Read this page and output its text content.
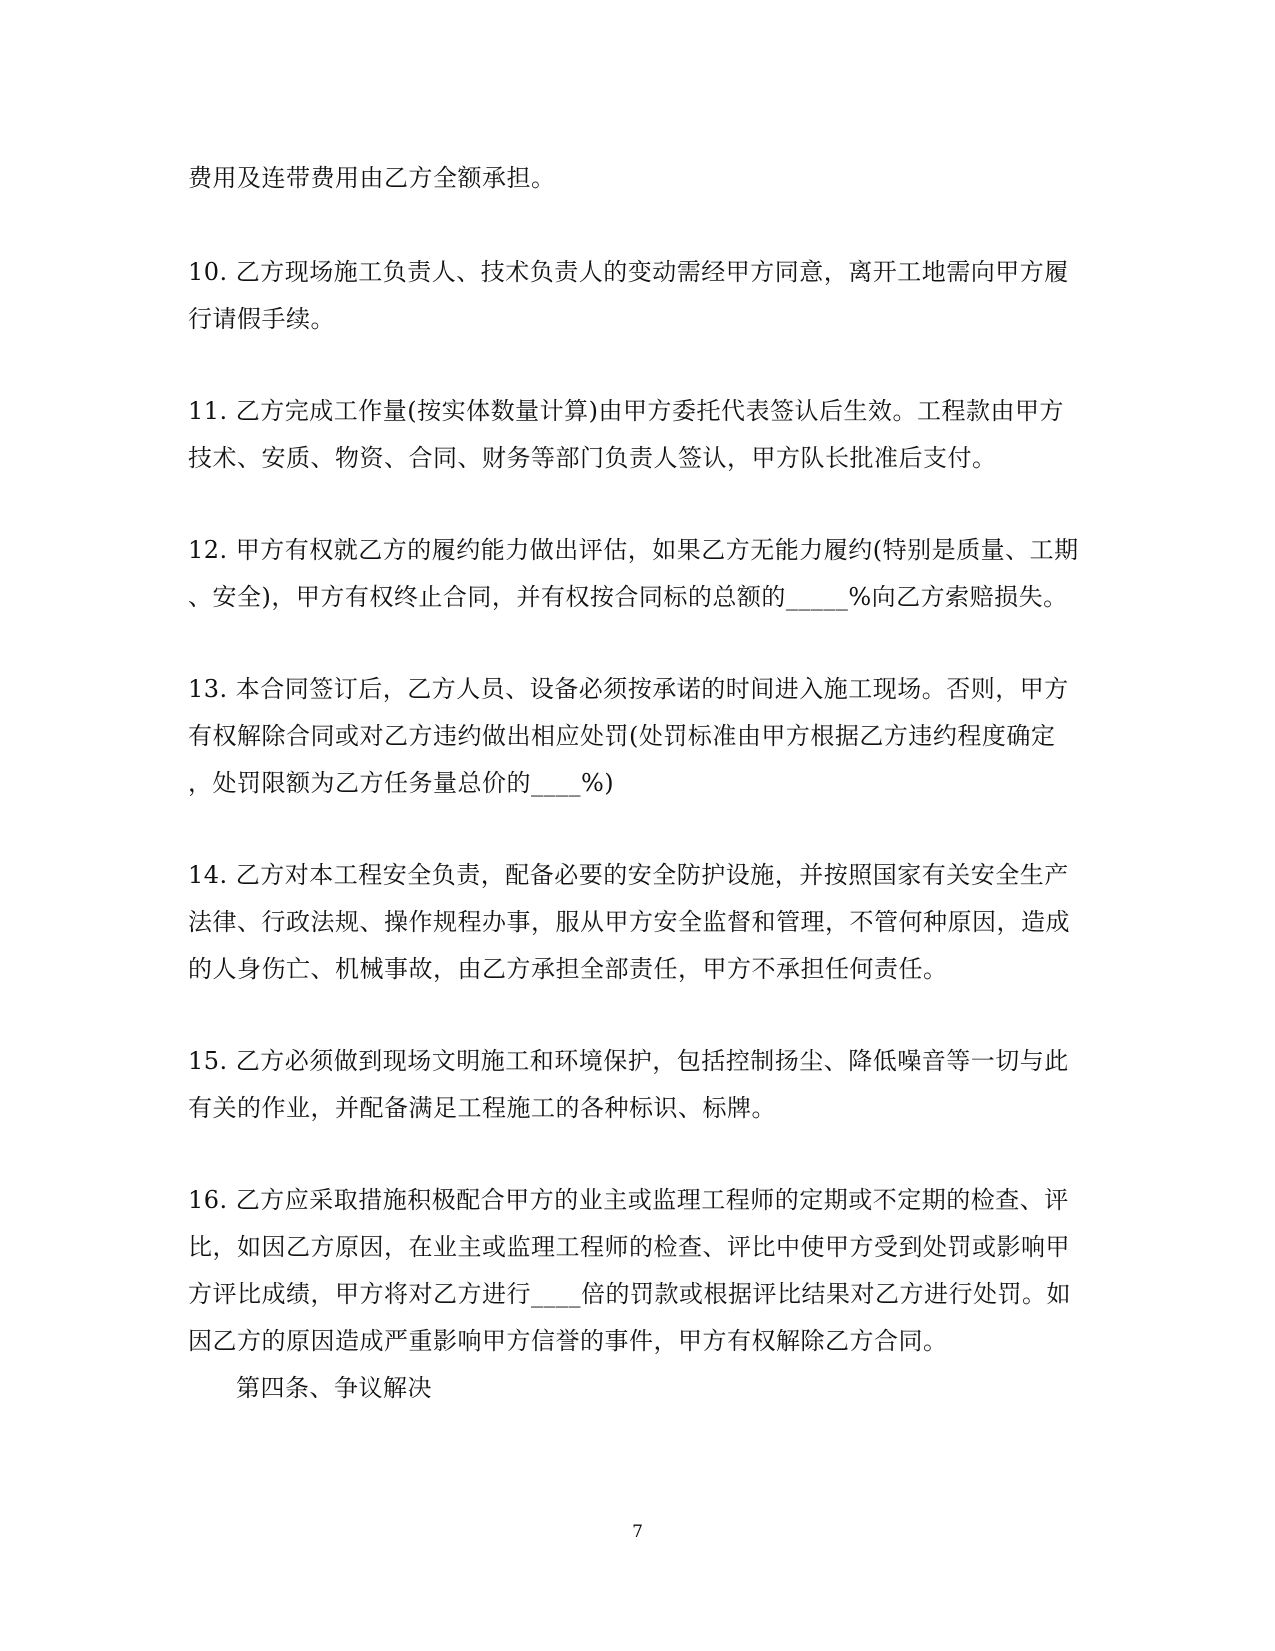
费用及连带费用由乙方全额承担。

10. 乙方现场施工负责人、技术负责人的变动需经甲方同意，离开工地需向甲方履
行请假手续。

11. 乙方完成工作量(按实体数量计算)由甲方委托代表签认后生效。工程款由甲方
技术、安质、物资、合同、财务等部门负责人签认，甲方队长批准后支付。

12. 甲方有权就乙方的履约能力做出评估，如果乙方无能力履约(特别是质量、工期
、安全)，甲方有权终止合同，并有权按合同标的总额的_____%向乙方索赔损失。

13. 本合同签订后，乙方人员、设备必须按承诺的时间进入施工现场。否则，甲方
有权解除合同或对乙方违约做出相应处罚(处罚标准由甲方根据乙方违约程度确定
，处罚限额为乙方任务量总价的____%)

14. 乙方对本工程安全负责，配备必要的安全防护设施，并按照国家有关安全生产
法律、行政法规、操作规程办事，服从甲方安全监督和管理，不管何种原因，造成
的人身伤亡、机械事故，由乙方承担全部责任，甲方不承担任何责任。

15. 乙方必须做到现场文明施工和环境保护，包括控制扬尘、降低噪音等一切与此
有关的作业，并配备满足工程施工的各种标识、标牌。

16. 乙方应采取措施积极配合甲方的业主或监理工程师的定期或不定期的检查、评
比，如因乙方原因，在业主或监理工程师的检查、评比中使甲方受到处罚或影响甲
方评比成绩，甲方将对乙方进行____倍的罚款或根据评比结果对乙方进行处罚。如
因乙方的原因造成严重影响甲方信誉的事件，甲方有权解除乙方合同。

第四条、争议解决

7
